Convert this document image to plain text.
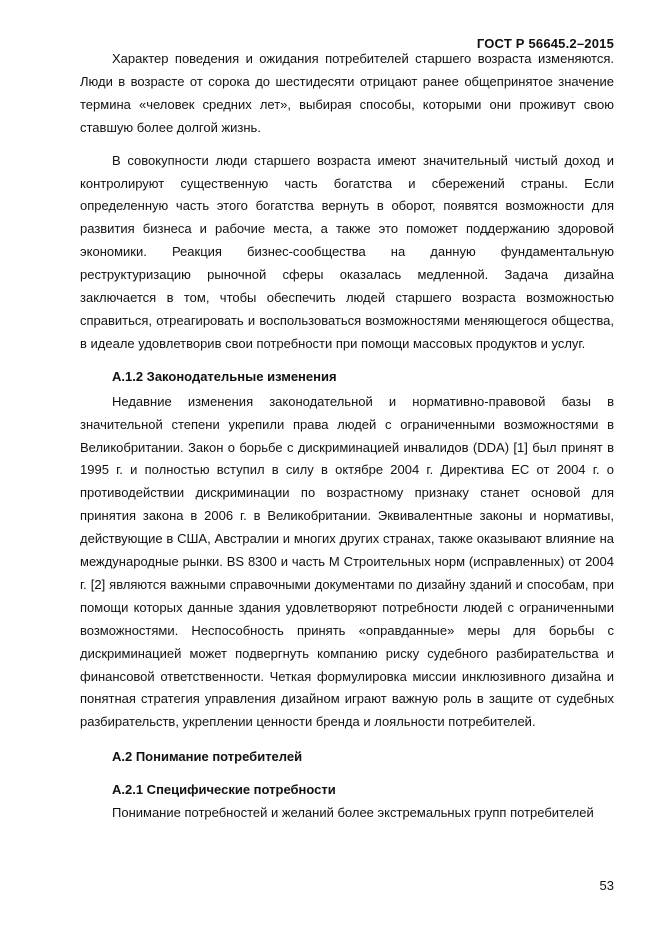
ГОСТ Р 56645.2–2015

Характер поведения и ожидания потребителей старшего возраста изменяются. Люди в возрасте от сорока до шестидесяти отрицают ранее общепринятое значение термина «человек средних лет», выбирая способы, которыми они проживут свою ставшую более долгой жизнь.

В совокупности люди старшего возраста имеют значительный чистый доход и контролируют существенную часть богатства и сбережений страны. Если определенную часть этого богатства вернуть в оборот, появятся возможности для развития бизнеса и рабочие места, а также это поможет поддержанию здоровой экономики. Реакция бизнес-сообщества на данную фундаментальную реструктуризацию рыночной сферы оказалась медленной. Задача дизайна заключается в том, чтобы обеспечить людей старшего возраста возможностью справиться, отреагировать и воспользоваться возможностями меняющегося общества, в идеале удовлетворив свои потребности при помощи массовых продуктов и услуг.

А.1.2 Законодательные изменения

Недавние изменения законодательной и нормативно-правовой базы в значительной степени укрепили права людей с ограниченными возможностями в Великобритании. Закон о борьбе с дискриминацией инвалидов (DDA) [1] был принят в 1995 г. и полностью вступил в силу в октябре 2004 г. Директива ЕС от 2004 г. о противодействии дискриминации по возрастному признаку станет основой для принятия закона в 2006 г. в Великобритании. Эквивалентные законы и нормативы, действующие в США, Австралии и многих других странах, также оказывают влияние на международные рынки. BS 8300 и часть M Строительных норм (исправленных) от 2004 г. [2] являются важными справочными документами по дизайну зданий и способам, при помощи которых данные здания удовлетворяют потребности людей с ограниченными возможностями. Неспособность принять «оправданные» меры для борьбы с дискриминацией может подвергнуть компанию риску судебного разбирательства и финансовой ответственности. Четкая формулировка миссии инклюзивного дизайна и понятная стратегия управления дизайном играют важную роль в защите от судебных разбирательств, укреплении ценности бренда и лояльности потребителей.

А.2 Понимание потребителей
А.2.1 Специфические потребности

Понимание потребностей и желаний более экстремальных групп потребителей

53
